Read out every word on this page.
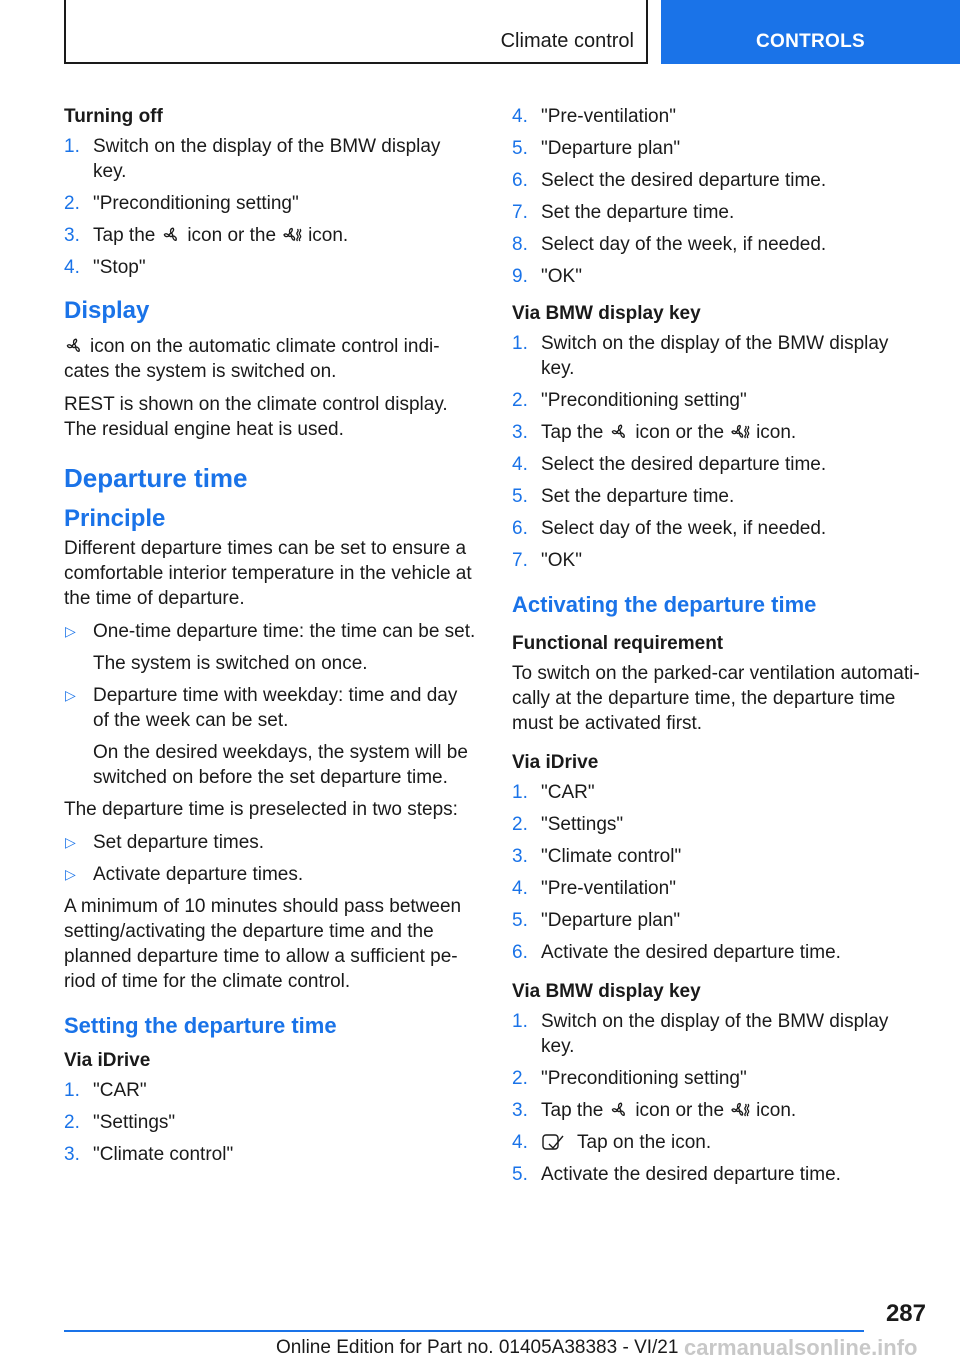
Climate control	CONTROLS
Turning off
1. Switch on the display of the BMW display key.
2. "Preconditioning setting"
3. Tap the icon or the icon.
4. "Stop"
Display

icon on the automatic climate control indicates the system is switched on.

REST is shown on the climate control display. The residual engine heat is used.

Departure time
Principle

Different departure times can be set to ensure a comfortable interior temperature in the vehicle at the time of departure.

▷ One-time departure time: the time can be set.
The system is switched on once.
▷ Departure time with weekday: time and day of the week can be set.
On the desired weekdays, the system will be switched on before the set departure time.

The departure time is preselected in two steps:

▷ Set departure times.
▷ Activate departure times.

A minimum of 10 minutes should pass between setting/activating the departure time and the planned departure time to allow a sufficient period of time for the climate control.

Setting the departure time
Via iDrive
1. "CAR"
2. "Settings"
3. "Climate control"
4. "Pre-ventilation"
5. "Departure plan"
6. Select the desired departure time.
7. Set the departure time.
8. Select day of the week, if needed.
9. "OK"
Via BMW display key
1. Switch on the display of the BMW display key.
2. "Preconditioning setting"
3. Tap the icon or the icon.
4. Select the desired departure time.
5. Set the departure time.
6. Select day of the week, if needed.
7. "OK"
Activating the departure time
Functional requirement

To switch on the parked-car ventilation automatically at the departure time, the departure time must be activated first.

Via iDrive
1. "CAR"
2. "Settings"
3. "Climate control"
4. "Pre-ventilation"
5. "Departure plan"
6. Activate the desired departure time.
Via BMW display key
1. Switch on the display of the BMW display key.
2. "Preconditioning setting"
3. Tap the icon or the icon.
4.	Tap on the icon.
5. Activate the desired departure time.
287
Online Edition for Part no. 01405A38383 - VI/21 carmanualsonline.info
